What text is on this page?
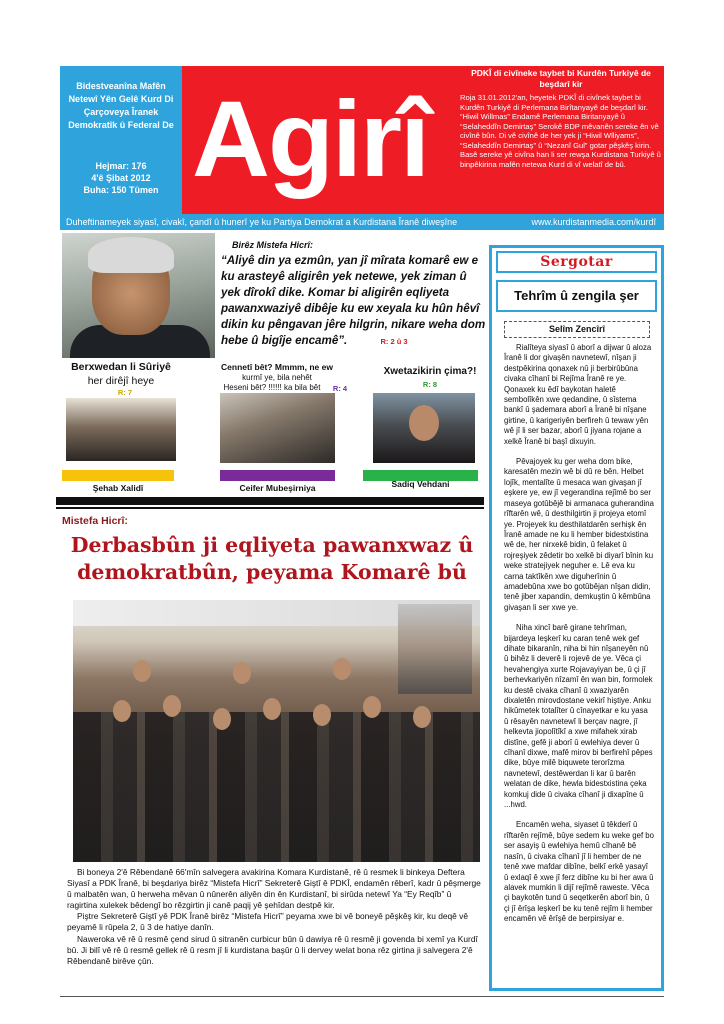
Bidestveanîna Mafên Netewî Yên Gelê Kurd Di Çarçoveya Îranek Demokratîk û Federal De
Hejmar: 176
4'ê Şibat 2012
Buha: 150 Tûmen Agirî
PDKÎ di civîneke taybet bi Kurdên Turkiyê de beşdarî kir
Roja 31.01.2012'an, heyetek PDKÎ di civînek taybet bi Kurdên Turkiyê di Perlemana Birîtanyayê de beşdarî kir. “Hiwil Willmas” Endamê Perlemana Biritanyayê û “Selaheddîn Demirtaş” Serokê BDP mêvanên sereke ên vê civînê bûn. Di vê civînê de her yek ji “Hiwil Wlliyams”, “Selaheddîn Demirtaş” û “Nezanî Gul” gotar pêşkêş kirin. Basê sereke yê civîna han li ser rewşa Kurdistana Turkiyê û binpêkirina mafên netewa Kurd di vî welatî de bû.
Duheftinameyek siyasî, civakî, çandî û hunerî ye ku Partiya Demokrat a Kurdistana Îranê diweşîne	www.kurdistanmedia.com/kurdî
Birêz Mistefa Hicrî:
“Aliyê din ya ezmûn, yan jî mîrata komarê ew e ku arasteyê aligirên yek netewe, yek ziman û yek dîrokî dike. Komar bi aligirên eqliyeta pawanxwaziyê dibêje ku ew xeyala ku hûn hêvî dikin ku pêngavan jêre hilgrin, nikare weha dom hebe û bigîje encamê”.	R: 2 û 3
Berxwedan li Sûriyê
her dirêjî heye
R: 7
Cennetî bêt? Mmmm, ne ew
kurmî ye, bila nehêt
Heseni bêt? !!!!!! ka bila bêt	R: 4
Xwetazikirin çima?!
R: 8
Şehab Xalidî	Ceifer Mubeşirniya	Sadiq Vehdani
Mistefa Hicrî:
Derbasbûn ji eqliyeta pawanxwaz û demokratbûn, peyama Komarê bû

Bi boneya 2'ê Rêbendanê 66'mîn salvegera avakirina Komara Kurdistanê, rê û resmek li binkeya Deftera Siyasî a PDK Îranê, bi beşdariya birêz “Mistefa Hicrî” Sekreterê Giştî ê PDKÎ, endamên rêberî, kadr û pêşmerge û malbatên wan, û herweha mêvan û nûnerên aliyên din ên Kurdistanî, bi sirûda netewî Ya “Ey Reqîb” û ragirtina xulekek bêdengî bo rêzgirtin ji canê paqij yê şehîdan destpê kir.

Piştre Sekreterê Giştî yê PDK Îranê birêz “Mistefa Hicrî” peyama xwe bi vê boneyê pêşkêş kir, ku deqê vê peyamê li rûpela 2, û 3 de hatiye danîn.

Naweroka vê rê û resmê çend sirud û sitranên curbicur bûn û dawiya rê û resmê ji govenda bi xemî ya Kurdî bû. Ji bilî vê rê û resmê gellek rê û resm jî li kurdistana başûr û li dervey welat bona rêz girtina ji salvegera 2'ê Rêbendanê birêve çûn.

Sergotar
Tehrîm û zengila şer
Selîm Zencîrî

Rialîteya siyasî û aborî a dijwar û aloza Îranê li dor givaşên navnetewî, nîşan ji destpêkirina qonaxek nû ji berbirûbûna civaka cîhanî bi Rejîma Îranê re ye. Qonaxek ku êdî baykotan haletê sembolîkên xwe qedandine, û sîstema bankî û şademara aborî a Îranê bi nîşane girtine, û karigeriyên berfireh û tewaw yên wê jî li ser bazar, aborî û jiyana rojane a xelkê Îranê bi başî dixuyin.

Pêvajoyek ku ger weha dom bike, karesatên mezin wê bi dû re bên. Helbet lojîk, mentalîte û mesaca wan givaşan jî eşkere ye, ew jî vegerandina rejîmê bo ser maseya gotûbêjê bi armanaca guherandina rîftarên wê, û desthilgirtin ji projeya etomî ye. Projeyek ku desthilatdarên serhişk ên Îranê amade ne ku li hember bidestxistina wê de, her nirxekê bidin, û felaket û rojreşiyek zêdetir bo xelkê bi diyarî bînin ku weke stratejiyek neguher e. Lê eva ku carna taktîkên xwe diguherînin û amadebûna xwe bo gotûbêjan nîşan didin, tenê jiber xapandin, demkuştin û kêmbûna givaşan li ser xwe ye.

Niha xincî barê girane tehrîman, bijardeya leşkerî ku caran tenê wek gef dihate bikaranîn, niha bi hin nîşaneyên nû û bihêz li deverê li rojevê de ye. Vêca çi hevahengiya xurte Rojavayiyan be, û çi jî berhevkariyên nîzamî ên wan bin, formolek ku destê civaka cîhanî û xwaziyarên dixaletên mirovdostane vekirî hiştiye. Anku hikûmetek totalîter û cînayetkar e ku yasa û rêsayên navnetewî li berçav nagre, jî helkevta jiopolîtîkî a xwe mifahek xirab distîne, gefê ji aborî û ewlehiya dever û cîhanî dixwe, mafê mirov bi berfirehî pêpes dike, bûye milê biquwete terorîzma navnetewî, destêwerdan li kar û barên welatan de dike, hewla bidestxistina çeka komkuj dide û civaka cîhanî ji dixapîne û ...hwd.

Encamên weha, siyaset û têkderî û rîftarên rejîmê, bûye sedem ku weke gef bo ser asayiş û ewlehiya hemû cîhanê bê nasîn, û civaka cîhanî jî li hember de ne tenê xwe mafdar dibîne, belkî erkê yasayî û exlaqî ê xwe jî ferz dibîne ku bi her awa û alavek mumkin li dijî rejîmê raweste. Vêca çi baykotên tund û seqetkerên aborî bin, û çi jî êrîşa leşkerî be ku tenê rejîm li hember encamên vê êrîşê de berpirsiyar e.
